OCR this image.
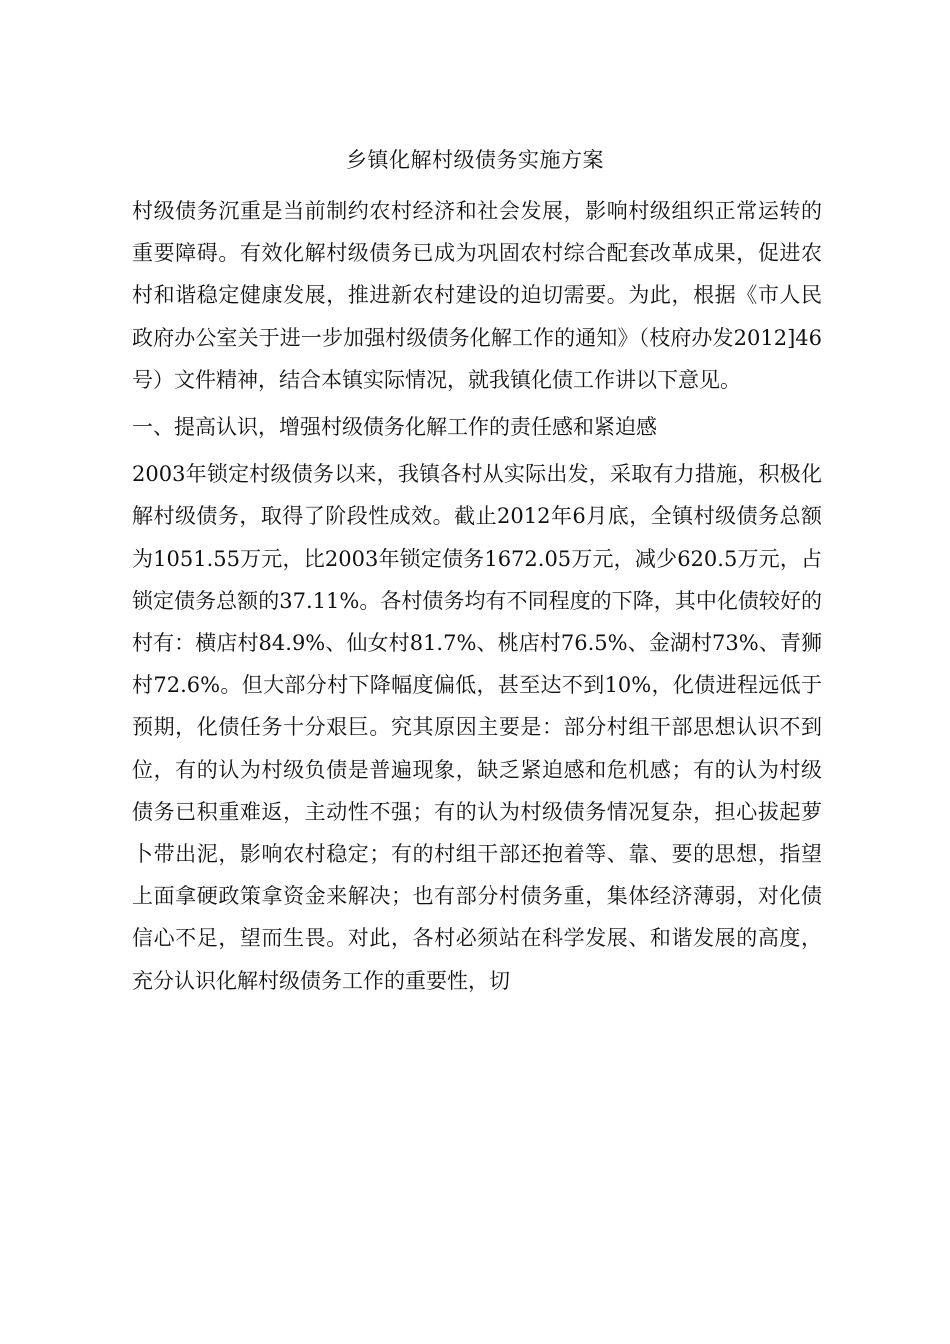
乡镇化解村级债务实施方案

村级债务沉重是当前制约农村经济和社会发展，影响村级组织正常运转的重要障碍。有效化解村级债务已成为巩固农村综合配套改革成果，促进农村和谐稳定健康发展，推进新农村建设的迫切需要。为此，根据《市人民政府办公室关于进一步加强村级债务化解工作的通知》（枝府办发2012]46号）文件精神，结合本镇实际情况，就我镇化债工作讲以下意见。

一、提高认识，增强村级债务化解工作的责任感和紧迫感

2003年锁定村级债务以来，我镇各村从实际出发，采取有力措施，积极化解村级债务，取得了阶段性成效。截止2012年6月底，全镇村级债务总额为1051.55万元，比2003年锁定债务1672.05万元，减少620.5万元，占锁定债务总额的37.11%。各村债务均有不同程度的下降，其中化债较好的村有：横店村84.9%、仙女村81.7%、桃店村76.5%、金湖村73%、青狮村72.6%。但大部分村下降幅度偏低，甚至达不到10%，化债进程远低于预期，化债任务十分艰巨。究其原因主要是：部分村组干部思想认识不到位，有的认为村级负债是普遍现象，缺乏紧迫感和危机感；有的认为村级债务已积重难返，主动性不强；有的认为村级债务情况复杂，担心拔起萝卜带出泥，影响农村稳定；有的村组干部还抱着等、靠、要的思想，指望上面拿硬政策拿资金来解决；也有部分村债务重，集体经济薄弱，对化债信心不足，望而生畏。对此，各村必须站在科学发展、和谐发展的高度，充分认识化解村级债务工作的重要性，切
